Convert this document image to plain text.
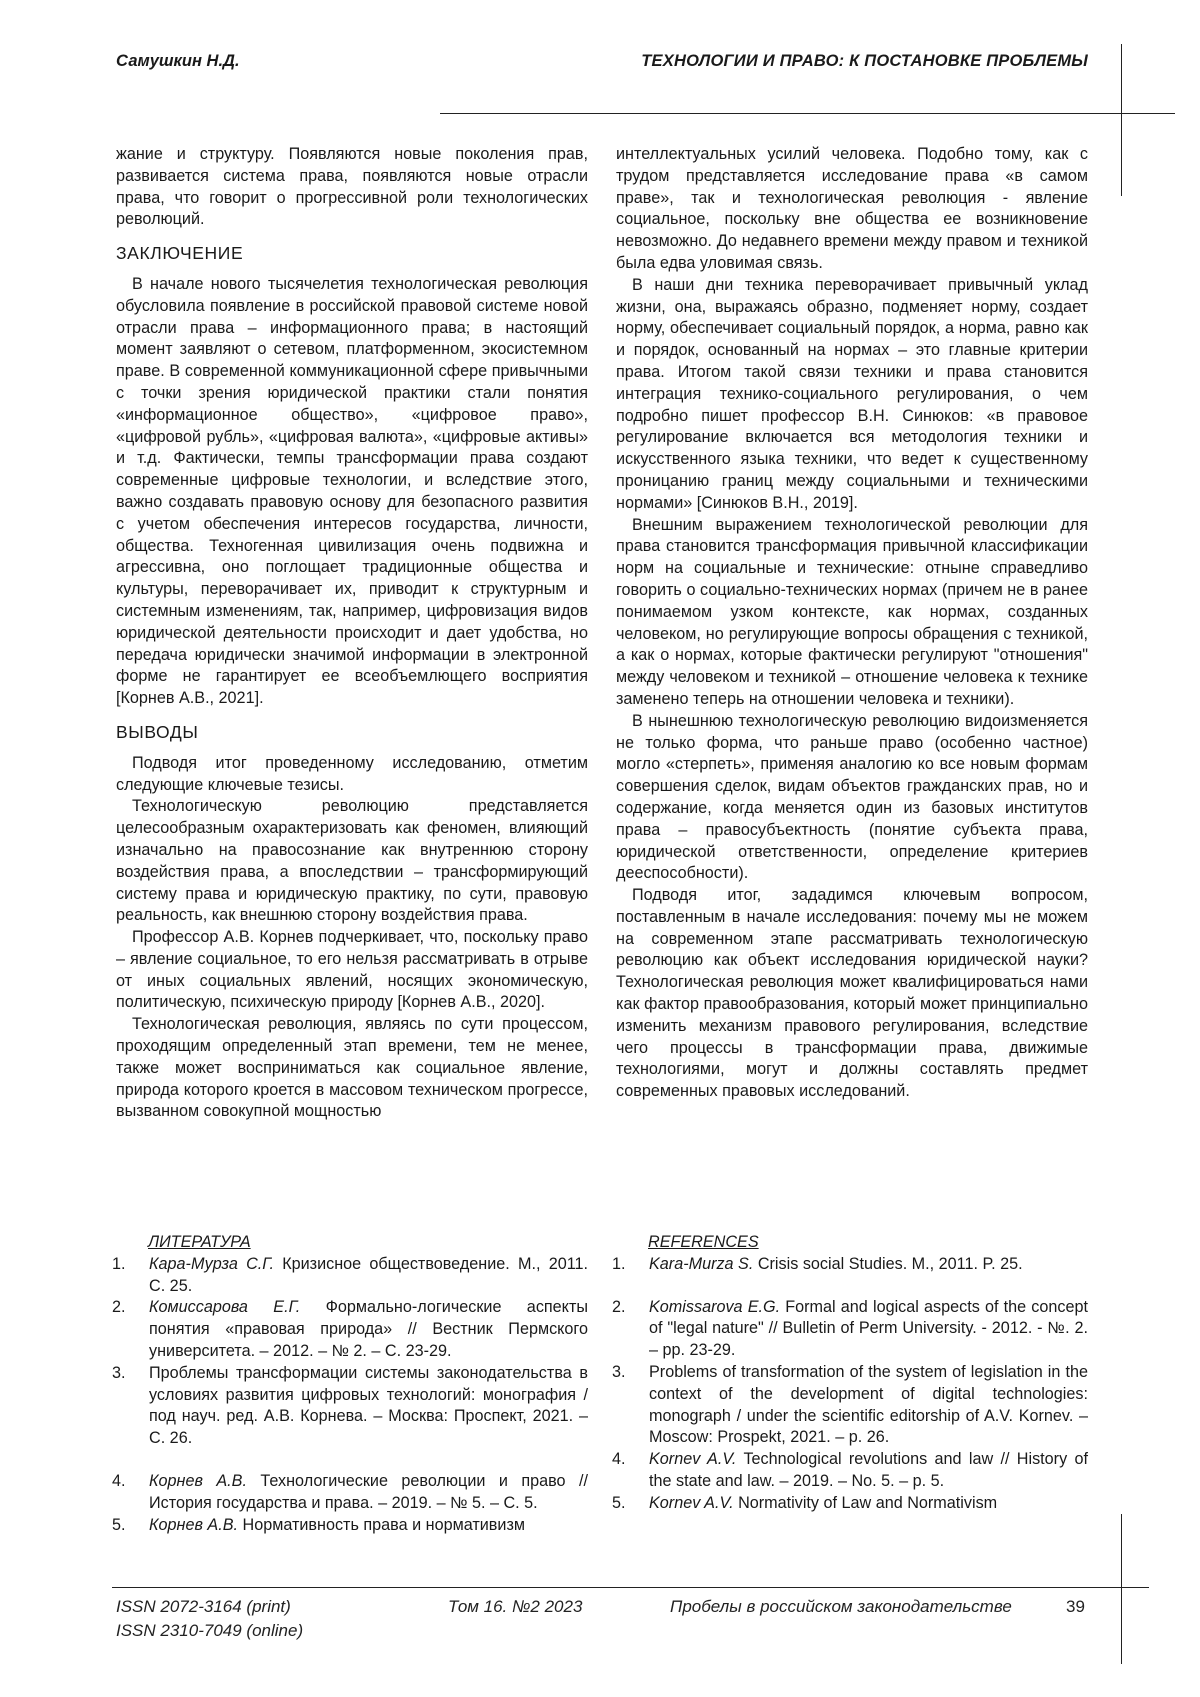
Самушкин Н.Д.	ТЕХНОЛОГИИ И ПРАВО: К ПОСТАНОВКЕ ПРОБЛЕМЫ

жание и структуру. Появляются новые поколения прав, развивается система права, появляются новые отрасли права, что говорит о прогрессивной роли технологических революций.

ЗАКЛЮЧЕНИЕ

В начале нового тысячелетия технологическая революция обусловила появление в российской правовой системе новой отрасли права – информационного права; в настоящий момент заявляют о сетевом, платформенном, экосистемном праве. В современной коммуникационной сфере привычными с точки зрения юридической практики стали понятия «информационное общество», «цифровое право», «цифровой рубль», «цифровая валюта», «цифровые активы» и т.д. Фактически, темпы трансформации права создают современные цифровые технологии, и вследствие этого, важно создавать правовую основу для безопасного развития с учетом обеспечения интересов государства, личности, общества. Техногенная цивилизация очень подвижна и агрессивна, оно поглощает традиционные общества и культуры, переворачивает их, приводит к структурным и системным изменениям, так, например, цифровизация видов юридической деятельности происходит и дает удобства, но передача юридически значимой информации в электронной форме не гарантирует ее всеобъемлющего восприятия [Корнев А.В., 2021].

ВЫВОДЫ

Подводя итог проведенному исследованию, отметим следующие ключевые тезисы.

Технологическую революцию представляется целесообразным охарактеризовать как феномен, влияющий изначально на правосознание как внутреннюю сторону воздействия права, а впоследствии – трансформирующий систему права и юридическую практику, по сути, правовую реальность, как внешнюю сторону воздействия права.

Профессор А.В. Корнев подчеркивает, что, поскольку право – явление социальное, то его нельзя рассматривать в отрыве от иных социальных явлений, носящих экономическую, политическую, психическую природу [Корнев А.В., 2020].

Технологическая революция, являясь по сути процессом, проходящим определенный этап времени, тем не менее, также может восприниматься как социальное явление, природа которого кроется в массовом техническом прогрессе, вызванном совокупной мощностью

интеллектуальных усилий человека. Подобно тому, как с трудом представляется исследование права «в самом праве», так и технологическая революция - явление социальное, поскольку вне общества ее возникновение невозможно. До недавнего времени между правом и техникой была едва уловимая связь.

В наши дни техника переворачивает привычный уклад жизни, она, выражаясь образно, подменяет норму, создает норму, обеспечивает социальный порядок, а норма, равно как и порядок, основанный на нормах – это главные критерии права. Итогом такой связи техники и права становится интеграция технико-социального регулирования, о чем подробно пишет профессор В.Н. Синюков: «в правовое регулирование включается вся методология техники и искусственного языка техники, что ведет к существенному проницанию границ между социальными и техническими нормами» [Синюков В.Н., 2019].

Внешним выражением технологической революции для права становится трансформация привычной классификации норм на социальные и технические: отныне справедливо говорить о социально-технических нормах (причем не в ранее понимаемом узком контексте, как нормах, созданных человеком, но регулирующие вопросы обращения с техникой, а как о нормах, которые фактически регулируют "отношения" между человеком и техникой – отношение человека к технике заменено теперь на отношении человека и техники).

В нынешнюю технологическую революцию видоизменяется не только форма, что раньше право (особенно частное) могло «стерпеть», применяя аналогию ко все новым формам совершения сделок, видам объектов гражданских прав, но и содержание, когда меняется один из базовых институтов права – правосубъектность (понятие субъекта права, юридической ответственности, определение критериев дееспособности).

Подводя итог, зададимся ключевым вопросом, поставленным в начале исследования: почему мы не можем на современном этапе рассматривать технологическую революцию как объект исследования юридической науки? Технологическая революция может квалифицироваться нами как фактор правообразования, который может принципиально изменить механизм правового регулирования, вследствие чего процессы в трансформации права, движимые технологиями, могут и должны составлять предмет современных правовых исследований.

ЛИТЕРАТУРА
1. Кара-Мурза С.Г. Кризисное обществоведение. М., 2011. С. 25.
2. Комиссарова Е.Г. Формально-логические аспекты понятия «правовая природа» // Вестник Пермского университета. – 2012. – № 2. – С. 23-29.
3. Проблемы трансформации системы законодательства в условиях развития цифровых технологий: монография / под науч. ред. А.В. Корнева. – Москва: Проспект, 2021. – С. 26.
4. Корнев А.В. Технологические революции и право // История государства и права. – 2019. – № 5. – С. 5.
5. Корнев А.В. Нормативность права и нормативизм
REFERENCES
1. Kara-Murza S. Crisis social Studies. M., 2011. P. 25.
2. Komissarova E.G. Formal and logical aspects of the concept of "legal nature" // Bulletin of Perm University. - 2012. - №. 2. – pp. 23-29.
3. Problems of transformation of the system of legislation in the context of the development of digital technologies: monograph / under the scientific editorship of A.V. Kornev. – Moscow: Prospekt, 2021. – p. 26.
4. Kornev A.V. Technological revolutions and law // History of the state and law. – 2019. – No. 5. – p. 5.
5. Kornev A.V. Normativity of Law and Normativism
ISSN 2072-3164 (print)
ISSN 2310-7049 (online)
Том 16. №2 2023	Пробелы в российском законодательстве	39
